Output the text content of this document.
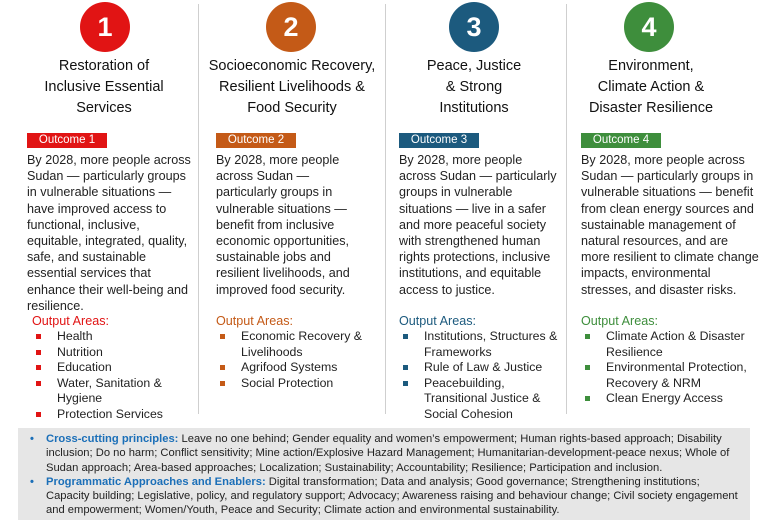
1
Restoration of
Inclusive Essential
Services
Outcome 1
By 2028, more people across Sudan — particularly groups in vulnerable situations — have improved access to functional, inclusive, equitable, integrated, quality, safe, and sustainable essential services that enhance their well-being and resilience.
Output Areas:
Health
Nutrition
Education
Water, Sanitation & Hygiene
Protection Services
2
Socioeconomic Recovery,
Resilient Livelihoods &
Food Security
Outcome 2
By 2028, more people across Sudan — particularly groups in vulnerable situations — benefit from inclusive economic opportunities, sustainable jobs and resilient livelihoods, and improved food security.
Output Areas:
Economic Recovery & Livelihoods
Agrifood Systems
Social Protection
3
Peace, Justice
& Strong
Institutions
Outcome 3
By 2028, more people across Sudan — particularly groups in vulnerable situations — live in a safer and more peaceful society with strengthened human rights protections, inclusive institutions, and equitable access to justice.
Output Areas:
Institutions, Structures & Frameworks
Rule of Law & Justice
Peacebuilding, Transitional Justice & Social Cohesion
4
Environment,
Climate Action &
Disaster Resilience
Outcome 4
By 2028, more people across Sudan — particularly groups in vulnerable situations — benefit from clean energy sources and sustainable management of natural resources, and are more resilient to climate change impacts, environmental stresses, and disaster risks.
Output Areas:
Climate Action & Disaster Resilience
Environmental Protection, Recovery & NRM
Clean Energy Access
• Cross-cutting principles: Leave no one behind; Gender equality and women’s empowerment; Human rights-based approach; Disability inclusion; Do no harm; Conflict sensitivity; Mine action/Explosive Hazard Management; Humanitarian-development-peace nexus; Whole of Sudan approach; Area-based approaches; Localization; Sustainability; Accountability; Resilience; Participation and inclusion.
• Programmatic Approaches and Enablers: Digital transformation; Data and analysis; Good governance; Strengthening institutions; Capacity building; Legislative, policy, and regulatory support; Advocacy; Awareness raising and behaviour change; Civil society engagement and empowerment; Women/Youth, Peace and Security; Climate action and environmental sustainability.
